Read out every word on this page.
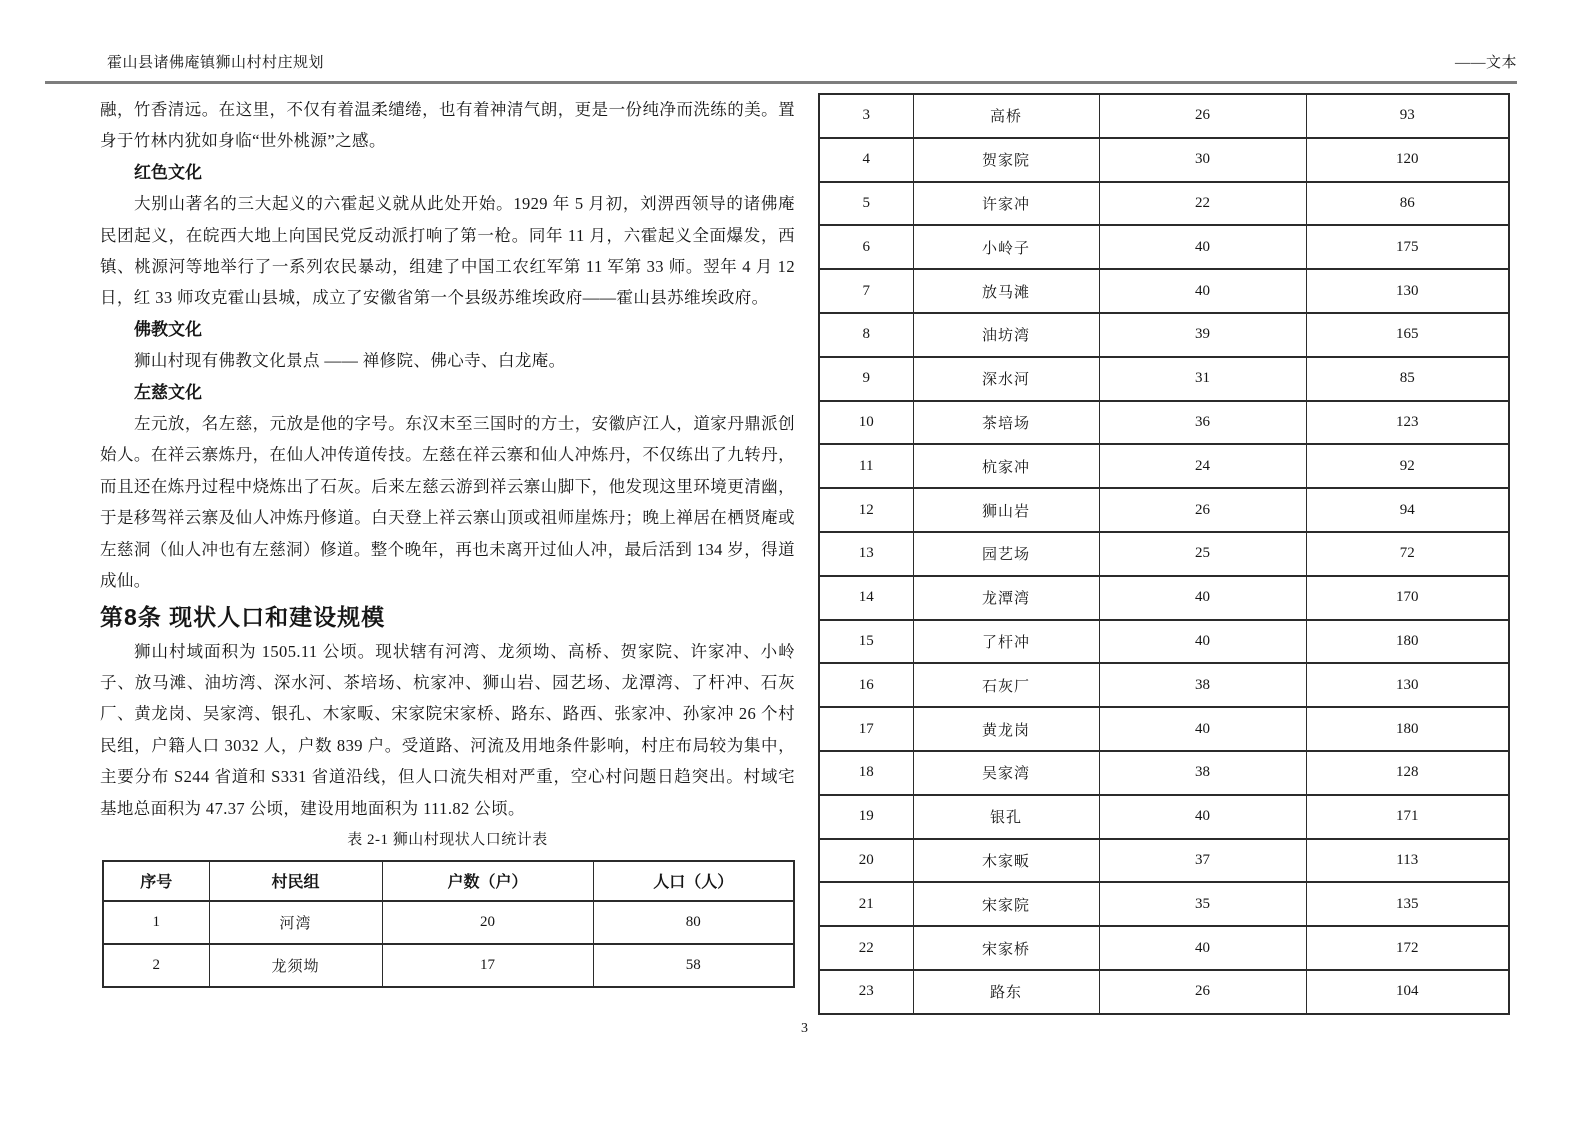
霍山县诸佛庵镇狮山村村庄规划	——文本

融，竹香清远。在这里，不仅有着温柔缱绻，也有着神清气朗，更是一份纯净而洗练的美。置身于竹林内犹如身临“世外桃源”之感。

红色文化

大别山著名的三大起义的六霍起义就从此处开始。1929 年 5 月初，刘淠西领导的诸佛庵民团起义，在皖西大地上向国民党反动派打响了第一枪。同年 11 月，六霍起义全面爆发，西镇、桃源河等地举行了一系列农民暴动，组建了中国工农红军第 11 军第 33 师。翌年 4 月 12 日，红 33 师攻克霍山县城，成立了安徽省第一个县级苏维埃政府——霍山县苏维埃政府。

佛教文化

狮山村现有佛教文化景点 —— 禅修院、佛心寺、白龙庵。

左慈文化

左元放，名左慈，元放是他的字号。东汉末至三国时的方士，安徽庐江人，道家丹鼎派创始人。在祥云寨炼丹，在仙人冲传道传技。左慈在祥云寨和仙人冲炼丹，不仅练出了九转丹，而且还在炼丹过程中烧炼出了石灰。后来左慈云游到祥云寨山脚下，他发现这里环境更清幽，于是移驾祥云寨及仙人冲炼丹修道。白天登上祥云寨山顶或祖师崖炼丹；晚上禅居在栖贤庵或左慈洞（仙人冲也有左慈洞）修道。整个晚年，再也未离开过仙人冲，最后活到 134 岁，得道成仙。

第8条 现状人口和建设规模

狮山村域面积为 1505.11 公顷。现状辖有河湾、龙须坳、高桥、贺家院、许家冲、小岭子、放马滩、油坊湾、深水河、茶培场、杭家冲、狮山岩、园艺场、龙潭湾、了杆冲、石灰厂、黄龙岗、吴家湾、银孔、木家畈、宋家院宋家桥、路东、路西、张家冲、孙家冲 26 个村民组，户籍人口 3032 人，户数 839 户。受道路、河流及用地条件影响，村庄布局较为集中，主要分布 S244 省道和 S331 省道沿线，但人口流失相对严重，空心村问题日趋突出。村域宅基地总面积为 47.37 公顷，建设用地面积为 111.82 公顷。

表 2-1 狮山村现状人口统计表
序号	村民组	户数（户）	人口（人）
1	河湾	20	80
2	龙须坳	17	58
3	高桥	26	93
4	贺家院	30	120
5	许家冲	22	86
6	小岭子	40	175
7	放马滩	40	130
8	油坊湾	39	165
9	深水河	31	85
10	茶培场	36	123
11	杭家冲	24	92
12	狮山岩	26	94
13	园艺场	25	72
14	龙潭湾	40	170
15	了杆冲	40	180
16	石灰厂	38	130
17	黄龙岗	40	180
18	吴家湾	38	128
19	银孔	40	171
20	木家畈	37	113
21	宋家院	35	135
22	宋家桥	40	172
23	路东	26	104
3
